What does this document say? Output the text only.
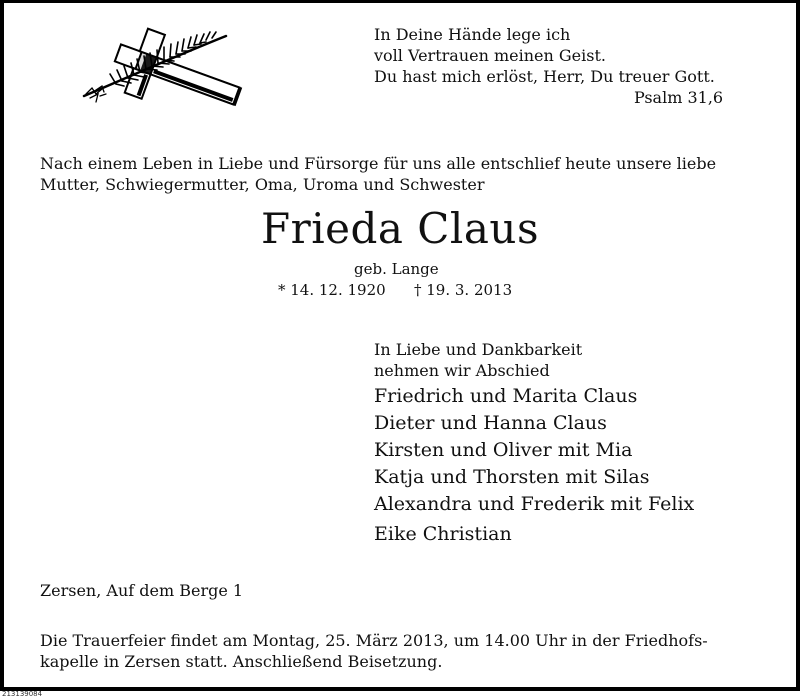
In Deine Hände lege ich
voll Vertrauen meinen Geist.
Du hast mich erlöst, Herr, Du treuer Gott.
Psalm 31,6
Nach einem Leben in Liebe und Fürsorge für uns alle entschlief heute unsere liebe
Mutter, Schwiegermutter, Oma, Uroma und Schwester
Frieda Claus
geb. Lange
* 14. 12. 1920 † 19. 3. 2013
In Liebe und Dankbarkeit
nehmen wir Abschied
Friedrich und Marita Claus
Dieter und Hanna Claus
Kirsten und Oliver mit Mia
Katja und Thorsten mit Silas
Alexandra und Frederik mit Felix
Eike Christian
Zersen, Auf dem Berge 1
Die Trauerfeier findet am Montag, 25. März 2013, um 14.00 Uhr in der Friedhofs-
kapelle in Zersen statt. Anschließend Beisetzung.
213139084
